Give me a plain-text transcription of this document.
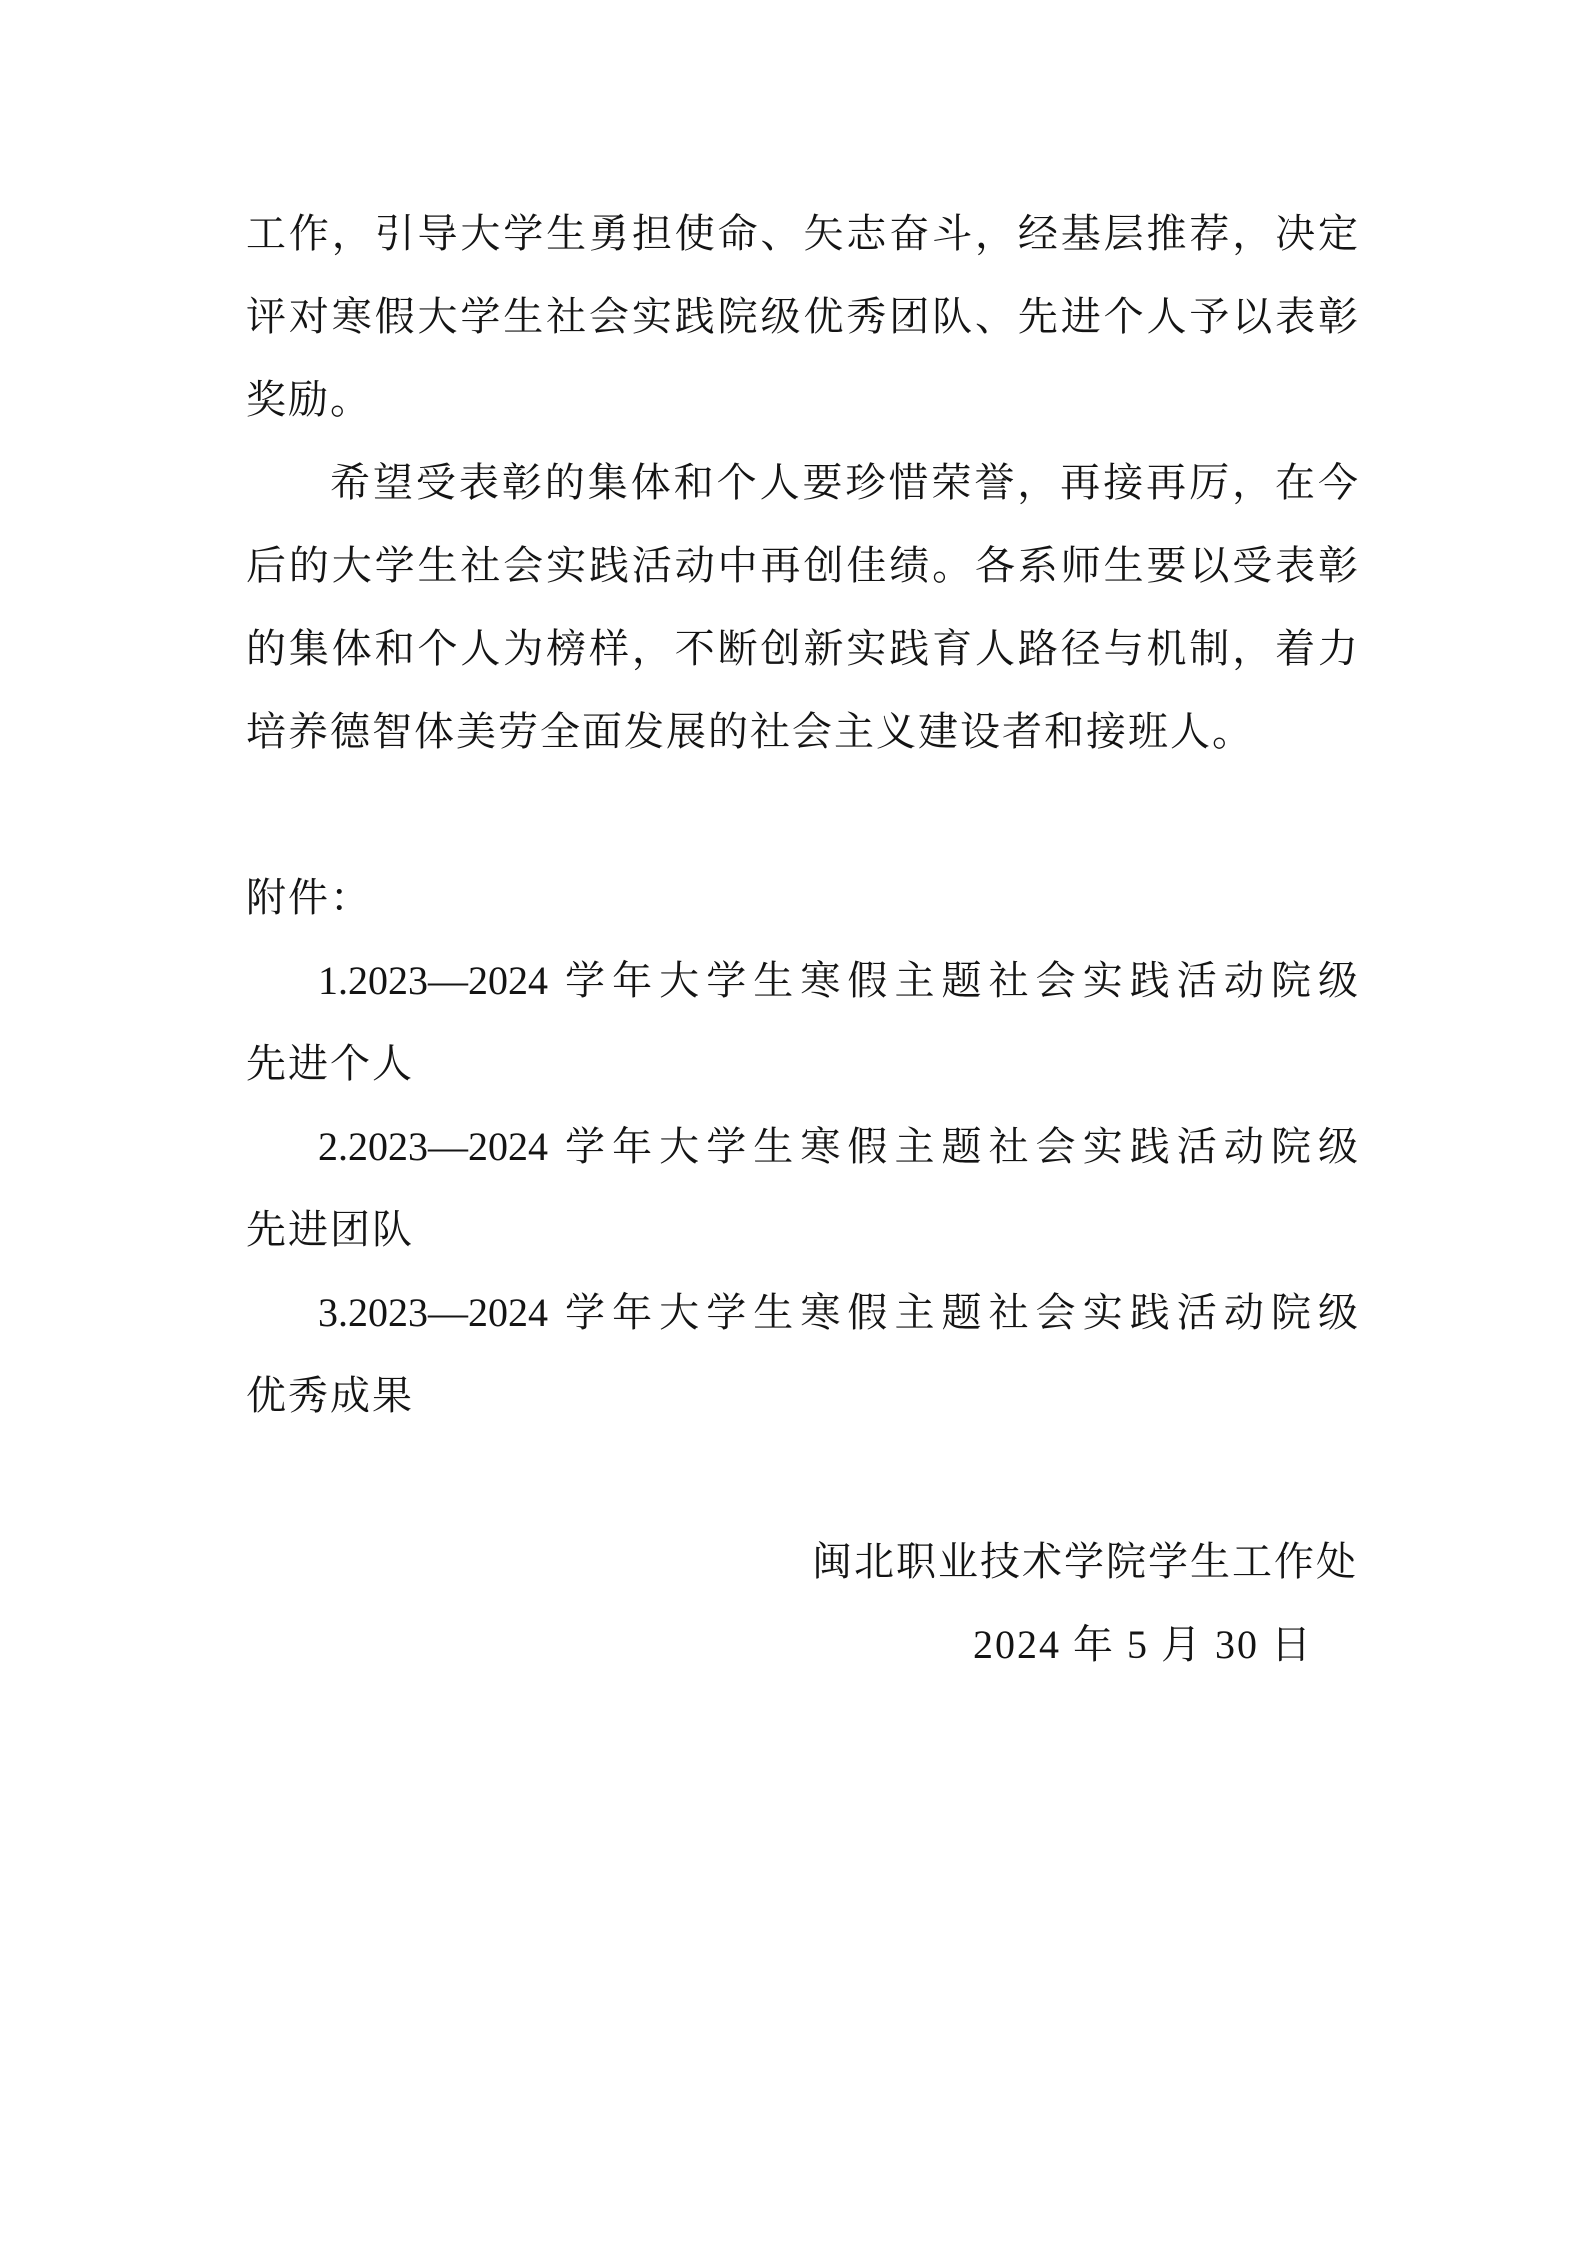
工作，引导大学生勇担使命、矢志奋斗，经基层推荐，决定
评对寒假大学生社会实践院级优秀团队、先进个人予以表彰
奖励。
希望受表彰的集体和个人要珍惜荣誉，再接再厉，在今
后的大学生社会实践活动中再创佳绩。各系师生要以受表彰
的集体和个人为榜样，不断创新实践育人路径与机制，着力
培养德智体美劳全面发展的社会主义建设者和接班人。
附件：
1.2023—2024 学年大学生寒假主题社会实践活动院级
先进个人
2.2023—2024 学年大学生寒假主题社会实践活动院级
先进团队
3.2023—2024 学年大学生寒假主题社会实践活动院级
优秀成果
闽北职业技术学院学生工作处
2024 年 5 月 30 日
